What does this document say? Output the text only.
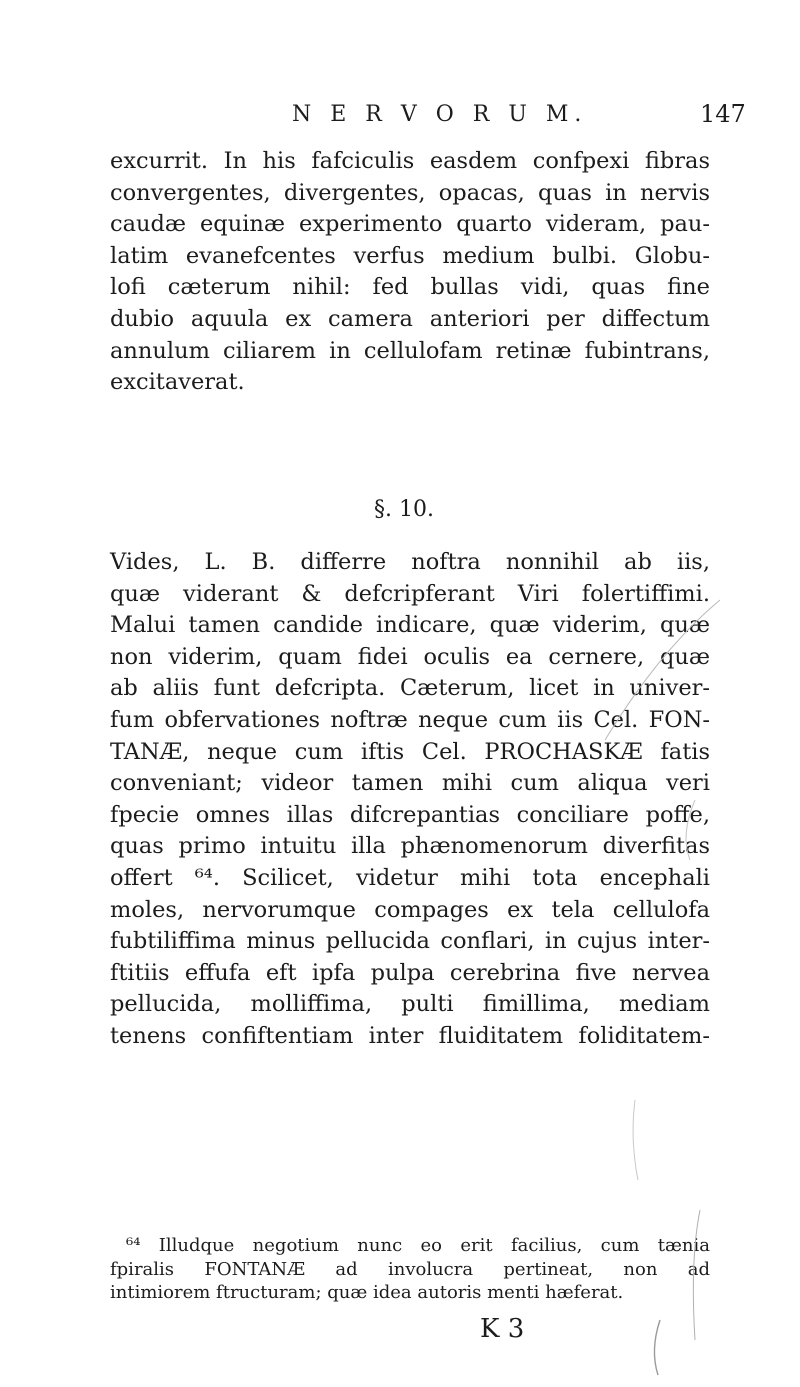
N E R V O R U M.	147
excurrit. In his fafciculis easdem confpexi fibras
convergentes, divergentes, opacas, quas in nervis
caudæ equinæ experimento quarto videram, pau-
latim evanefcentes verfus medium bulbi. Globu-
lofi cæterum nihil: fed bullas vidi, quas fine
dubio aquula ex camera anteriori per diffectum
annulum ciliarem in cellulofam retinæ fubintrans,
excitaverat.
§. 10.
Vides, L. B. differre noftra nonnihil ab iis,
quæ viderant & defcripferant Viri folertiffimi.
Malui tamen candide indicare, quæ viderim, quæ
non viderim, quam fidei oculis ea cernere, quæ
ab aliis funt defcripta. Cæterum, licet in univer-
fum obfervationes noftræ neque cum iis Cel. FON-
TANÆ, neque cum iftis Cel. PROCHASKÆ fatis
conveniant; videor tamen mihi cum aliqua veri
fpecie omnes illas difcrepantias conciliare poffe,
quas primo intuitu illa phænomenorum diverfitas
offert ⁶⁴. Scilicet, videtur mihi tota encephali
moles, nervorumque compages ex tela cellulofa
fubtiliffima minus pellucida conflari, in cujus inter-
ftitiis effufa eft ipfa pulpa cerebrina five nervea
pellucida, molliffima, pulti fimillima, mediam
tenens confiftentiam inter fluiditatem foliditatem-
⁶⁴ Illudque negotium nunc eo erit facilius, cum tænia
fpiralis FONTANÆ ad involucra pertineat, non ad
intimiorem ftructuram; quæ idea autoris menti hæferat.
K 3
